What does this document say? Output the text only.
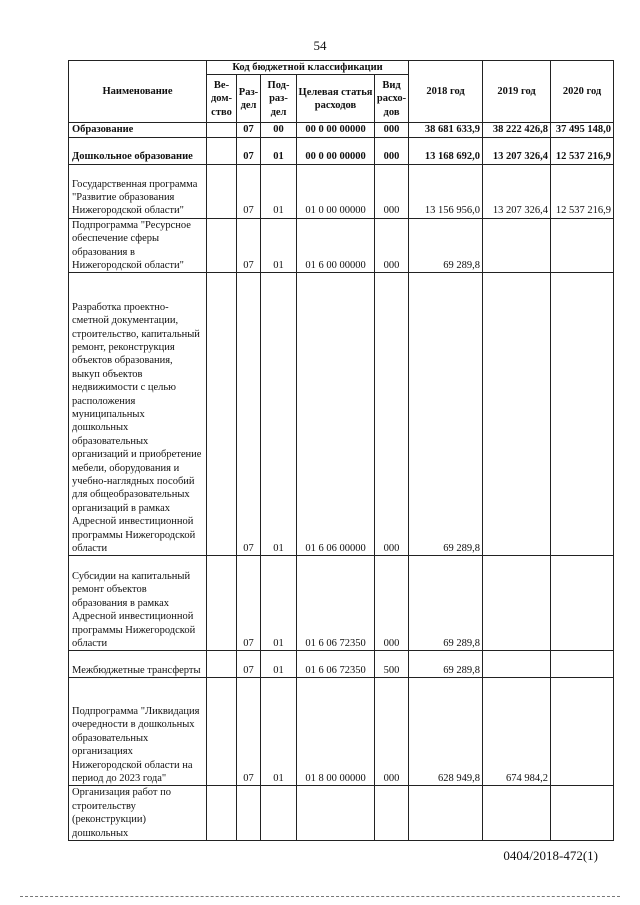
54
Наименование	Код бюджетной классификации					2018 год	2019 год	2020 год
	Ве- дом- ство	Раз- дел	Под- раз- дел	Целевая статья расходов	Вид расхо- дов			
Образование		07	00	00 0 00 00000	000	38 681 633,9	38 222 426,8	37 495 148,0
Дошкольное образование		07	01	00 0 00 00000	000	13 168 692,0	13 207 326,4	12 537 216,9
Государственная программа "Развитие образования Нижегородской области"		07	01	01 0 00 00000	000	13 156 956,0	13 207 326,4	12 537 216,9
Подпрограмма "Ресурсное обеспечение сферы образования в Нижегородской области"		07	01	01 6 00 00000	000	69 289,8		
Разработка проектно-сметной документации, строительство, капитальный ремонт, реконструкция объектов образования, выкуп объектов недвижимости с целью расположения муниципальных дошкольных образовательных организаций и приобретение мебели, оборудования и учебно-наглядных пособий для общеобразовательных организаций в рамках Адресной инвестиционной программы Нижегородской области		07	01	01 6 06 00000	000	69 289,8		
Субсидии на капитальный ремонт объектов образования в рамках Адресной инвестиционной программы Нижегородской области		07	01	01 6 06 72350	000	69 289,8		
Межбюджетные трансферты		07	01	01 6 06 72350	500	69 289,8		
Подпрограмма "Ликвидация очередности в дошкольных образовательных организациях Нижегородской области на период до 2023 года"		07	01	01 8 00 00000	000	628 949,8	674 984,2	
Организация работ по строительству (реконструкции) дошкольных								
0404/2018-472(1)
